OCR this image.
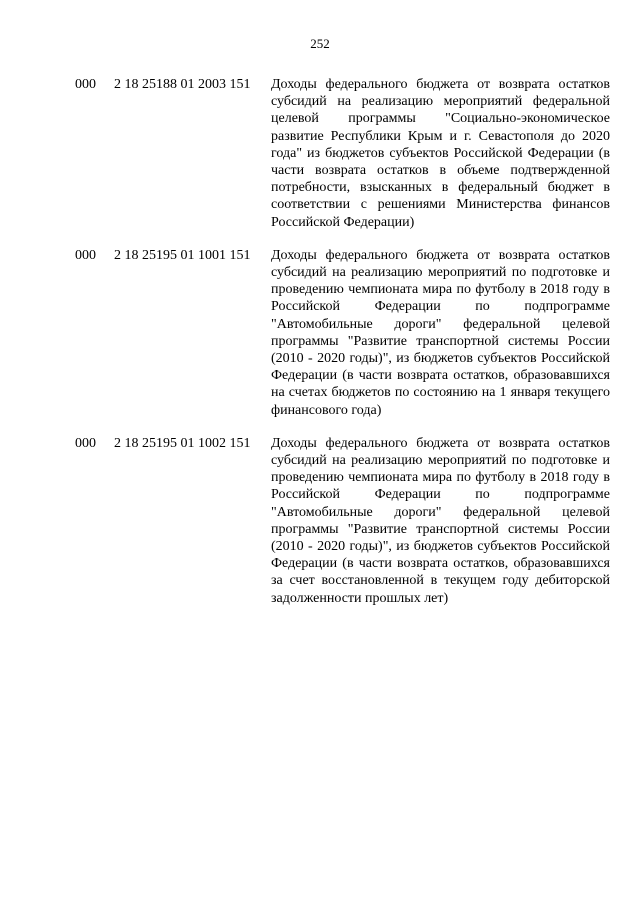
252
000	2 18 25188 01 2003 151	Доходы федерального бюджета от возврата остатков субсидий на реализацию мероприятий федеральной целевой программы "Социально-экономическое развитие Республики Крым и г. Севастополя до 2020 года" из бюджетов субъектов Российской Федерации (в части возврата остатков в объеме подтвержденной потребности, взысканных в федеральный бюджет в соответствии с решениями Министерства финансов Российской Федерации)
000	2 18 25195 01 1001 151	Доходы федерального бюджета от возврата остатков субсидий на реализацию мероприятий по подготовке и проведению чемпионата мира по футболу в 2018 году в Российской Федерации по подпрограмме "Автомобильные дороги" федеральной целевой программы "Развитие транспортной системы России (2010 - 2020 годы)", из бюджетов субъектов Российской Федерации (в части возврата остатков, образовавшихся на счетах бюджетов по состоянию на 1 января текущего финансового года)
000	2 18 25195 01 1002 151	Доходы федерального бюджета от возврата остатков субсидий на реализацию мероприятий по подготовке и проведению чемпионата мира по футболу в 2018 году в Российской Федерации по подпрограмме "Автомобильные дороги" федеральной целевой программы "Развитие транспортной системы России (2010 - 2020 годы)", из бюджетов субъектов Российской Федерации (в части возврата остатков, образовавшихся за счет восстановленной в текущем году дебиторской задолженности прошлых лет)
